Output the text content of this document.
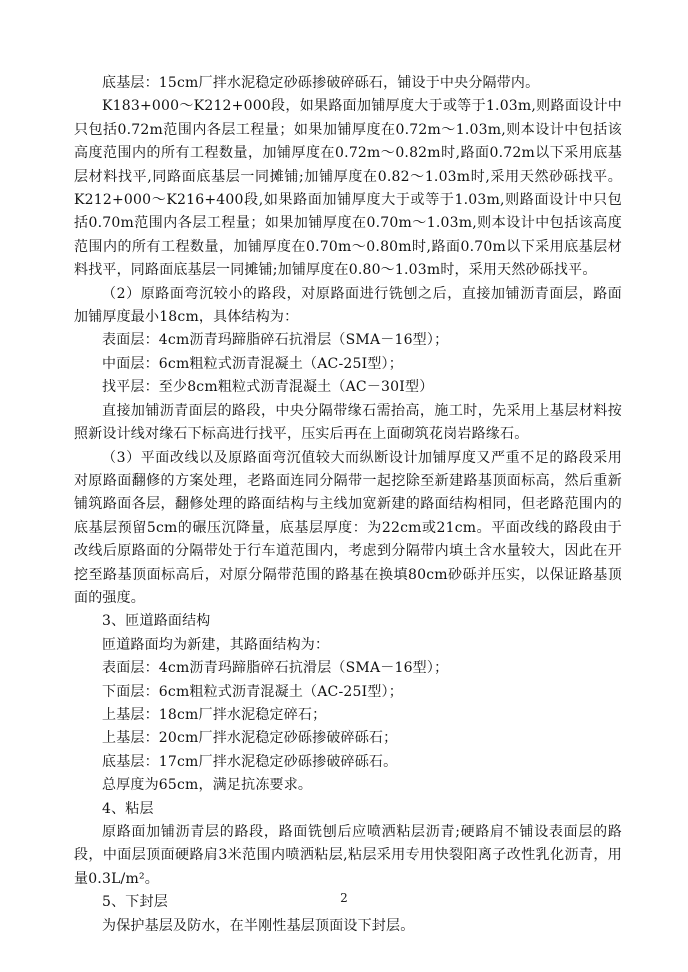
底基层：15cm厂拌水泥稳定砂砾掺破碎砾石，铺设于中央分隔带内。

K183+000～K212+000段，如果路面加铺厚度大于或等于1.03m,则路面设计中只包括0.72m范围内各层工程量；如果加铺厚度在0.72m～1.03m,则本设计中包括该高度范围内的所有工程数量，加铺厚度在0.72m～0.82m时,路面0.72m以下采用底基层材料找平,同路面底基层一同摊铺;加铺厚度在0.82～1.03m时,采用天然砂砾找平。K212+000～K216+400段,如果路面加铺厚度大于或等于1.03m,则路面设计中只包括0.70m范围内各层工程量；如果加铺厚度在0.70m～1.03m,则本设计中包括该高度范围内的所有工程数量，加铺厚度在0.70m～0.80m时,路面0.70m以下采用底基层材料找平，同路面底基层一同摊铺;加铺厚度在0.80～1.03m时，采用天然砂砾找平。

（2）原路面弯沉较小的路段，对原路面进行铣刨之后，直接加铺沥青面层，路面加铺厚度最小18cm，具体结构为：

表面层：4cm沥青玛蹄脂碎石抗滑层（SMA－16型）；

中面层：6cm粗粒式沥青混凝土（AC-25I型）；

找平层：至少8cm粗粒式沥青混凝土（AC－30I型）

直接加铺沥青面层的路段，中央分隔带缘石需抬高，施工时，先采用上基层材料按照新设计线对缘石下标高进行找平，压实后再在上面砌筑花岗岩路缘石。

（3）平面改线以及原路面弯沉值较大而纵断设计加铺厚度又严重不足的路段采用对原路面翻修的方案处理，老路面连同分隔带一起挖除至新建路基顶面标高，然后重新铺筑路面各层，翻修处理的路面结构与主线加宽新建的路面结构相同，但老路范围内的底基层预留5cm的碾压沉降量，底基层厚度：为22cm或21cm。平面改线的路段由于改线后原路面的分隔带处于行车道范围内，考虑到分隔带内填土含水量较大，因此在开挖至路基顶面标高后，对原分隔带范围的路基在换填80cm砂砾并压实，以保证路基顶面的强度。

3、匝道路面结构

匝道路面均为新建，其路面结构为：

表面层：4cm沥青玛蹄脂碎石抗滑层（SMA－16型）；

下面层：6cm粗粒式沥青混凝土（AC-25I型）；

上基层：18cm厂拌水泥稳定碎石；

上基层：20cm厂拌水泥稳定砂砾掺破碎砾石；

底基层：17cm厂拌水泥稳定砂砾掺破碎砾石。

总厚度为65cm，满足抗冻要求。

4、粘层

原路面加铺沥青层的路段，路面铣刨后应喷洒粘层沥青;硬路肩不铺设表面层的路段，中面层顶面硬路肩3米范围内喷洒粘层,粘层采用专用快裂阳离子改性乳化沥青，用量0.3L/m²。

5、下封层

为保护基层及防水，在半刚性基层顶面设下封层。

2
